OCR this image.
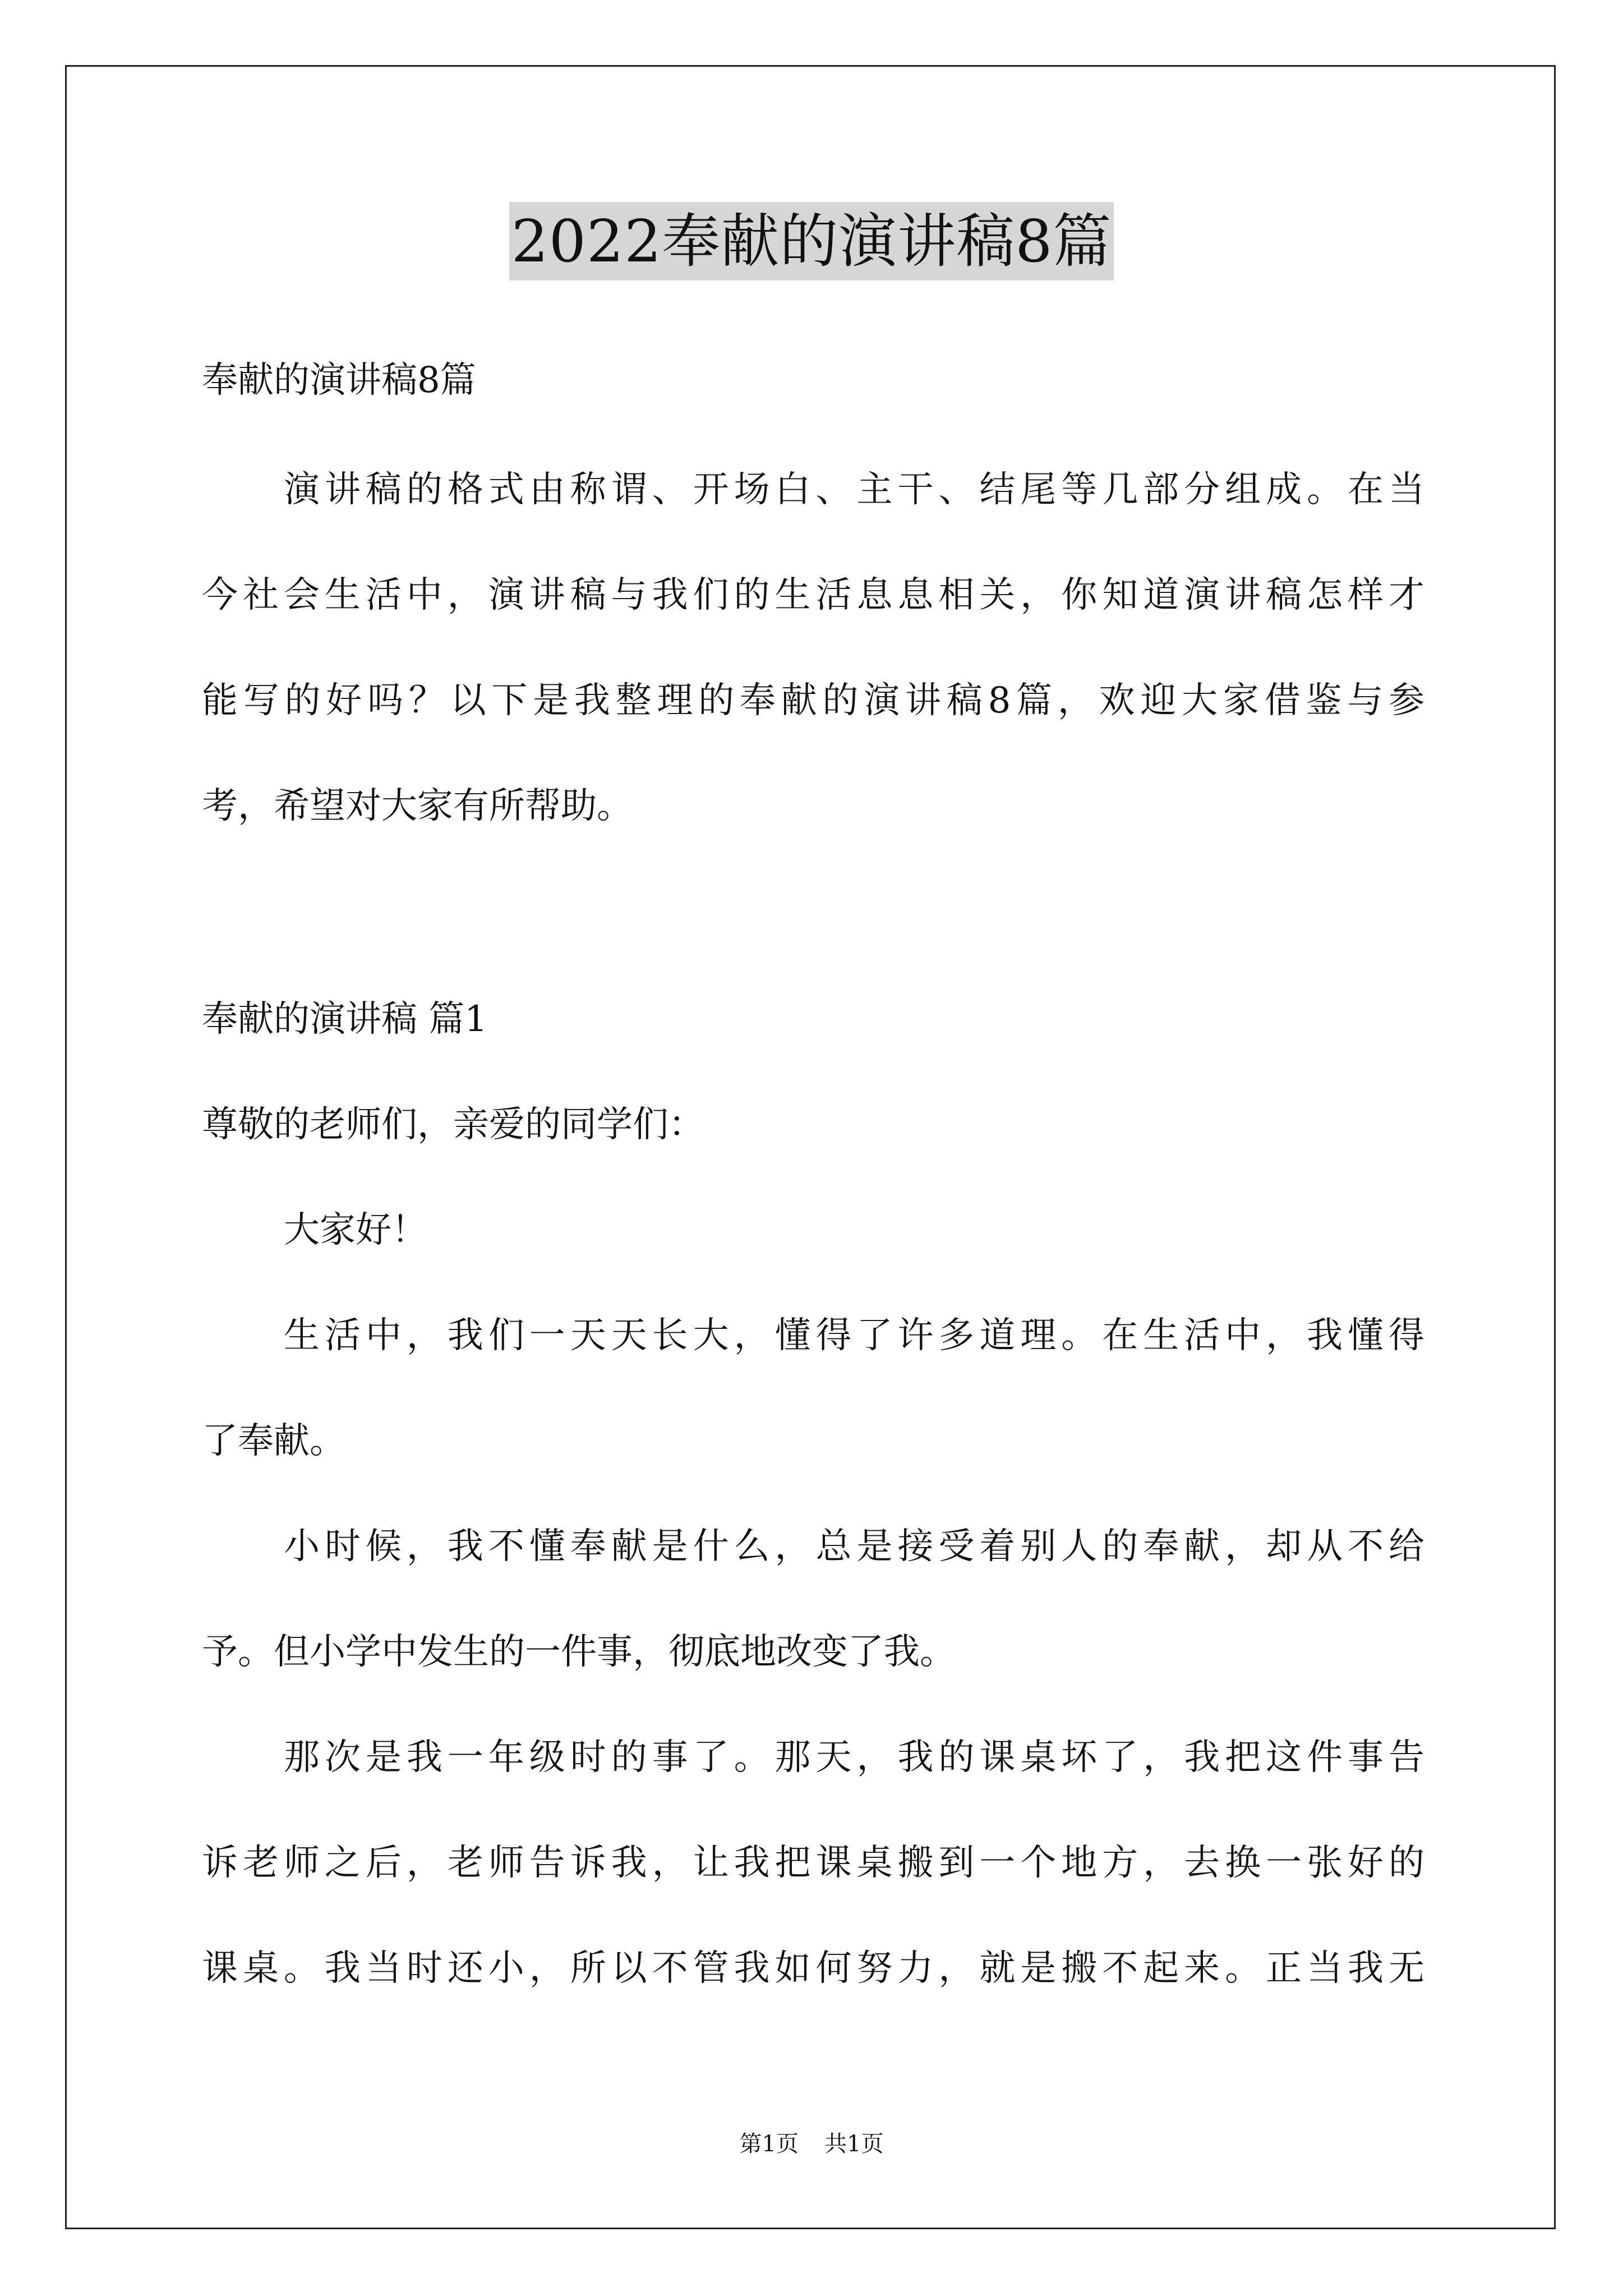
2022奉献的演讲稿8篇

奉献的演讲稿8篇

演讲稿的格式由称谓、开场白、主干、结尾等几部分组成。在当
今社会生活中，演讲稿与我们的生活息息相关，你知道演讲稿怎样才
能写的好吗？以下是我整理的奉献的演讲稿8篇，欢迎大家借鉴与参
考，希望对大家有所帮助。

奉献的演讲稿 篇1

尊敬的老师们，亲爱的同学们：

大家好！

生活中，我们一天天长大，懂得了许多道理。在生活中，我懂得
了奉献。
小时候，我不懂奉献是什么，总是接受着别人的奉献，却从不给
予。但小学中发生的一件事，彻底地改变了我。
那次是我一年级时的事了。那天，我的课桌坏了，我把这件事告
诉老师之后，老师告诉我，让我把课桌搬到一个地方，去换一张好的
课桌。我当时还小，所以不管我如何努力，就是搬不起来。正当我无
第1页 共1页
